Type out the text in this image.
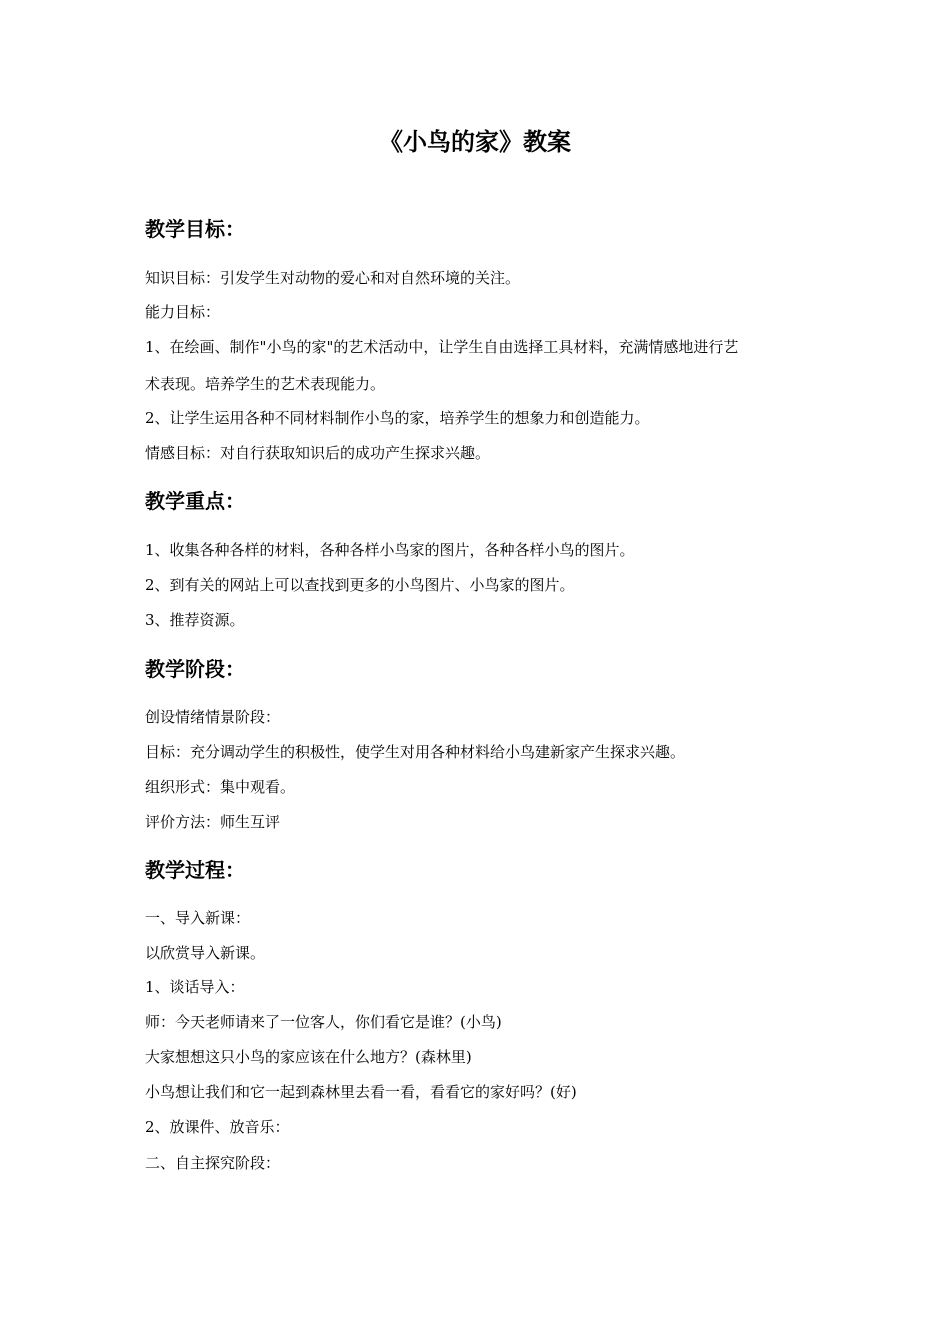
《小鸟的家》教案
教学目标：
知识目标：引发学生对动物的爱心和对自然环境的关注。
能力目标：
1、在绘画、制作"小鸟的家"的艺术活动中，让学生自由选择工具材料，充满情感地进行艺
术表现。培养学生的艺术表现能力。
2、让学生运用各种不同材料制作小鸟的家，培养学生的想象力和创造能力。
情感目标：对自行获取知识后的成功产生探求兴趣。
教学重点：
1、收集各种各样的材料，各种各样小鸟家的图片，各种各样小鸟的图片。
2、到有关的网站上可以查找到更多的小鸟图片、小鸟家的图片。
3、推荐资源。
教学阶段：
创设情绪情景阶段：
目标：充分调动学生的积极性，使学生对用各种材料给小鸟建新家产生探求兴趣。
组织形式：集中观看。
评价方法：师生互评
教学过程：
一、导入新课：
以欣赏导入新课。
1、谈话导入：
师：今天老师请来了一位客人，你们看它是谁？(小鸟)
大家想想这只小鸟的家应该在什么地方？(森林里)
小鸟想让我们和它一起到森林里去看一看，看看它的家好吗？(好)
2、放课件、放音乐：
二、自主探究阶段：
